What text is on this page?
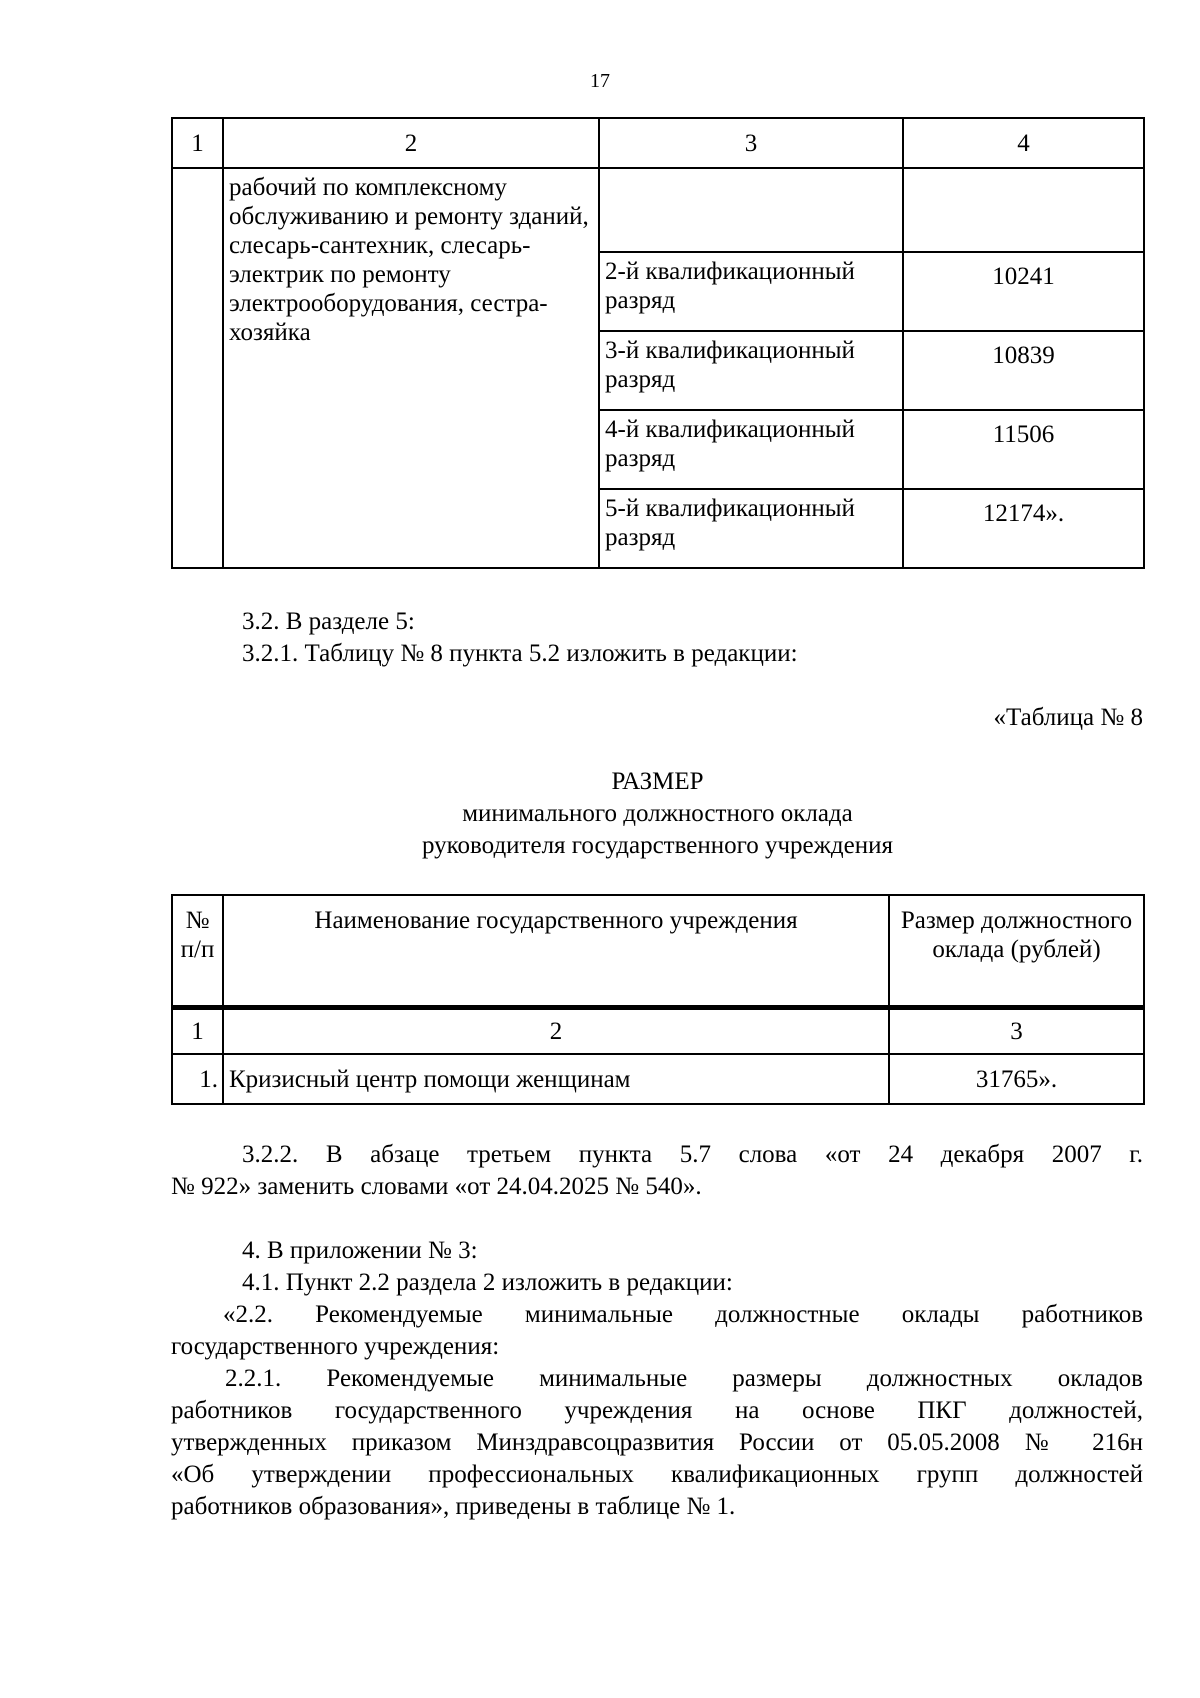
17
1	2	3	4
	рабочий по комплексному обслуживанию и ремонту зданий, слесарь-сантехник, слесарь-электрик по ремонту электрооборудования, сестра-хозяйка		
		2-й квалификационный разряд	10241
		3-й квалификационный разряд	10839
		4-й квалификационный разряд	11506
		5-й квалификационный разряд	12174».
3.2. В разделе 5:
3.2.1. Таблицу № 8 пункта 5.2 изложить в редакции:
«Таблица № 8
РАЗМЕР
минимального должностного оклада
руководителя государственного учреждения
№ п/п	Наименование государственного учреждения	Размер должностного оклада (рублей)
1	2	3
1.	Кризисный центр помощи женщинам	31765».
3.2.2. В абзаце третьем пункта 5.7 слова «от 24 декабря 2007 г.
№ 922» заменить словами «от 24.04.2025 № 540».
4. В приложении № 3:
4.1. Пункт 2.2 раздела 2 изложить в редакции:
«2.2. Рекомендуемые минимальные должностные оклады работников
государственного учреждения:
2.2.1. Рекомендуемые минимальные размеры должностных окладов
работников государственного учреждения на основе ПКГ должностей,
утвержденных приказом Минздравсоцразвития России от 05.05.2008 № 216н
«Об утверждении профессиональных квалификационных групп должностей
работников образования», приведены в таблице № 1.
